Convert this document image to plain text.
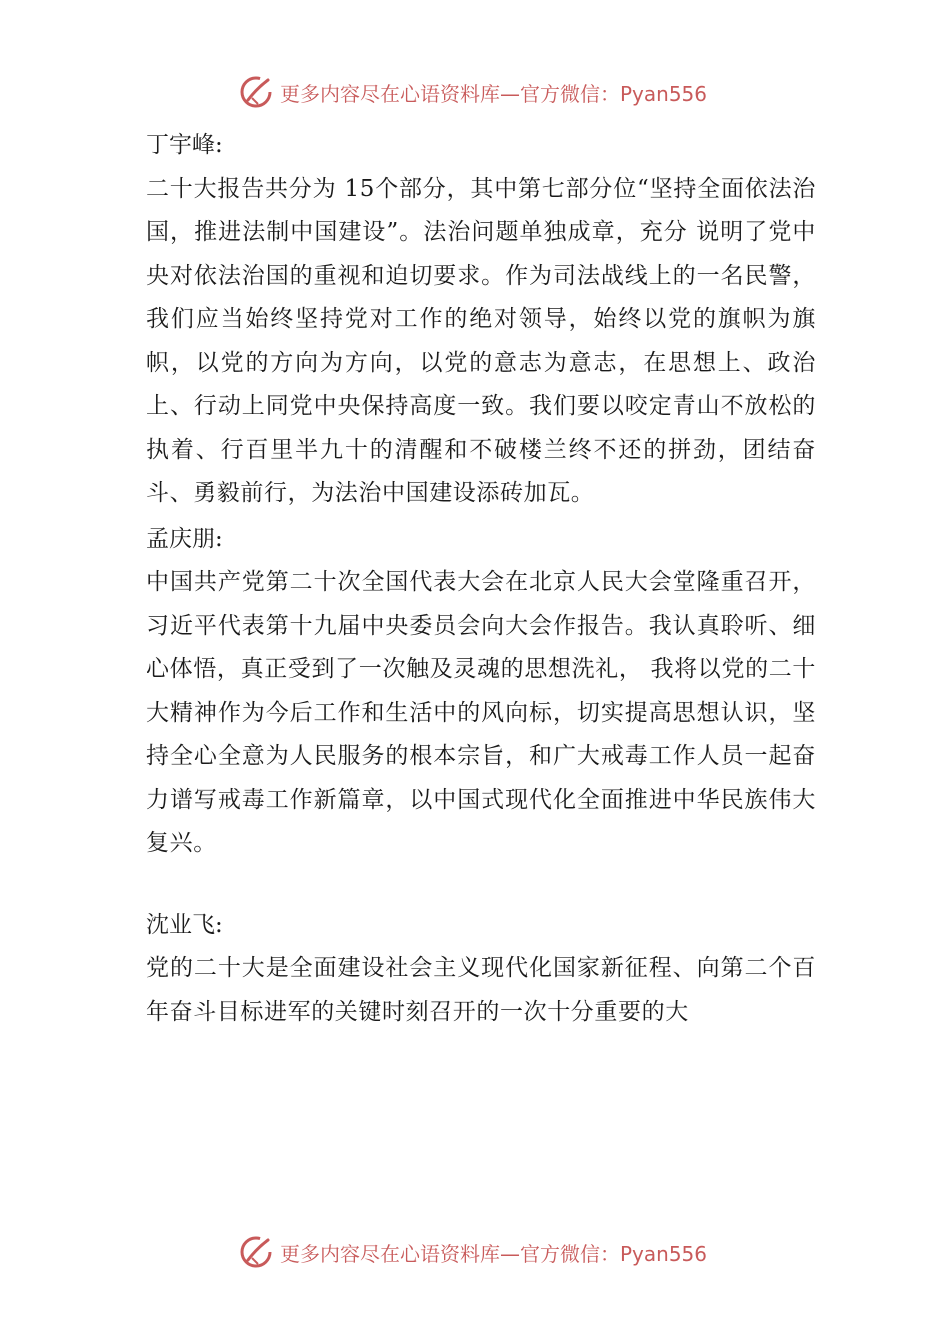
更多内容尽在心语资料库—官方微信：Pyan556

丁宇峰:

二十大报告共分为 15个部分，其中第七部分位“坚持全面依法治国，推进法制中国建设”。法治问题单独成章，充分 说明了党中央对依法治国的重视和迫切要求。作为司法战线上的一名民警，我们应当始终坚持党对工作的绝对领导，始终以党的旗帜为旗帜，以党的方向为方向，以党的意志为意志，在思想上、政治上、行动上同党中央保持高度一致。我们要以咬定青山不放松的执着、行百里半九十的清醒和不破楼兰终不还的拼劲，团结奋斗、勇毅前行，为法治中国建设添砖加瓦。

孟庆朋:

中国共产党第二十次全国代表大会在北京人民大会堂隆重召开，习近平代表第十九届中央委员会向大会作报告。我认真聆听、细心体悟，真正受到了一次触及灵魂的思想洗礼， 我将以党的二十大精神作为今后工作和生活中的风向标，切实提高思想认识，坚持全心全意为人民服务的根本宗旨，和广大戒毒工作人员一起奋力谱写戒毒工作新篇章，以中国式现代化全面推进中华民族伟大复兴。

沈业飞:

党的二十大是全面建设社会主义现代化国家新征程、向第二个百年奋斗目标进军的关键时刻召开的一次十分重要的大

更多内容尽在心语资料库—官方微信：Pyan556
